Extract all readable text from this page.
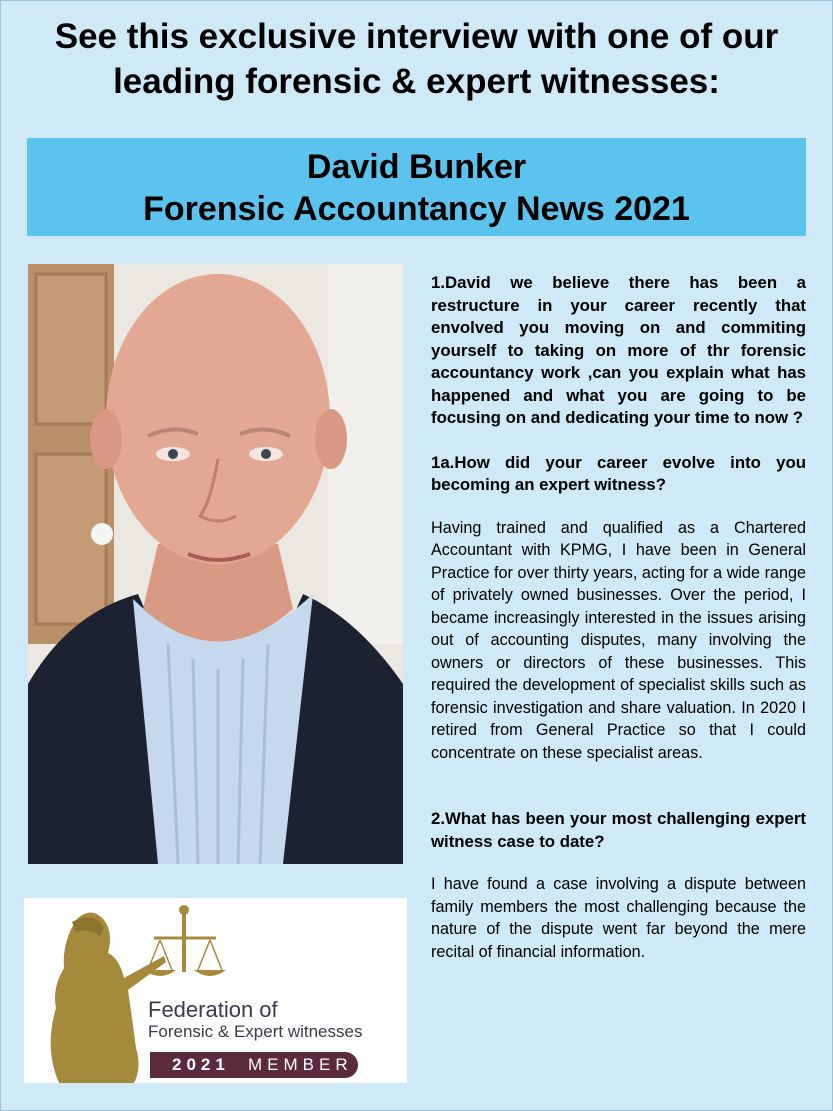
See this exclusive interview with one of our
leading forensic & expert witnesses:
David Bunker
Forensic Accountancy News 2021
1.David we believe there has been a restructure in your career recently that envolved you moving on and commiting yourself to taking on more of thr forensic accountancy work ,can you explain what has happened and what you are going to be focusing on and dedicating your time to now ?
1a.How did your career evolve into you becoming an expert witness?
Having trained and qualified as a Chartered Accountant with KPMG, I have been in General Practice for over thirty years, acting for a wide range of privately owned businesses. Over the period, I became increasingly interested in the issues arising out of accounting disputes, many involving the owners or directors of these businesses. This required the development of specialist skills such as forensic investigation and share valuation. In 2020 I retired from General Practice so that I could concentrate on these specialist areas.
2.What has been your most challenging expert witness case to date?
I have found a case involving a dispute between family members the most challenging because the nature of the dispute went far beyond the mere recital of financial information.
Federation of
Forensic & Expert witnesses
2021 MEMBER
